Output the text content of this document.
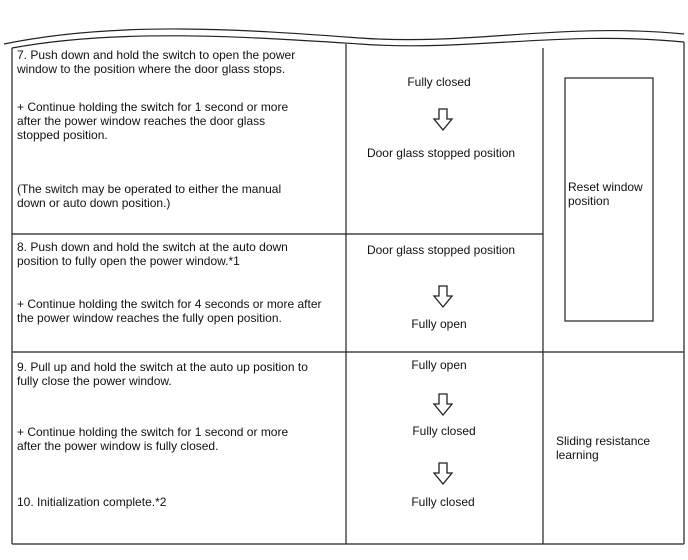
7. Push down and hold the switch to open the power
window to the position where the door glass stops.
+ Continue holding the switch for 1 second or more
after the power window reaches the door glass
stopped position.
(The switch may be operated to either the manual
down or auto down position.)
Fully closed
Door glass stopped position
8. Push down and hold the switch at the auto down
position to fully open the power window.*1
+ Continue holding the switch for 4 seconds or more after
the power window reaches the fully open position.
Door glass stopped position
Fully open
Reset window
position
9. Pull up and hold the switch at the auto up position to
fully close the power window.
+ Continue holding the switch for 1 second or more
after the power window is fully closed.
Fully open
Fully closed
10. Initialization complete.*2	Fully closed
Sliding resistance
learning
